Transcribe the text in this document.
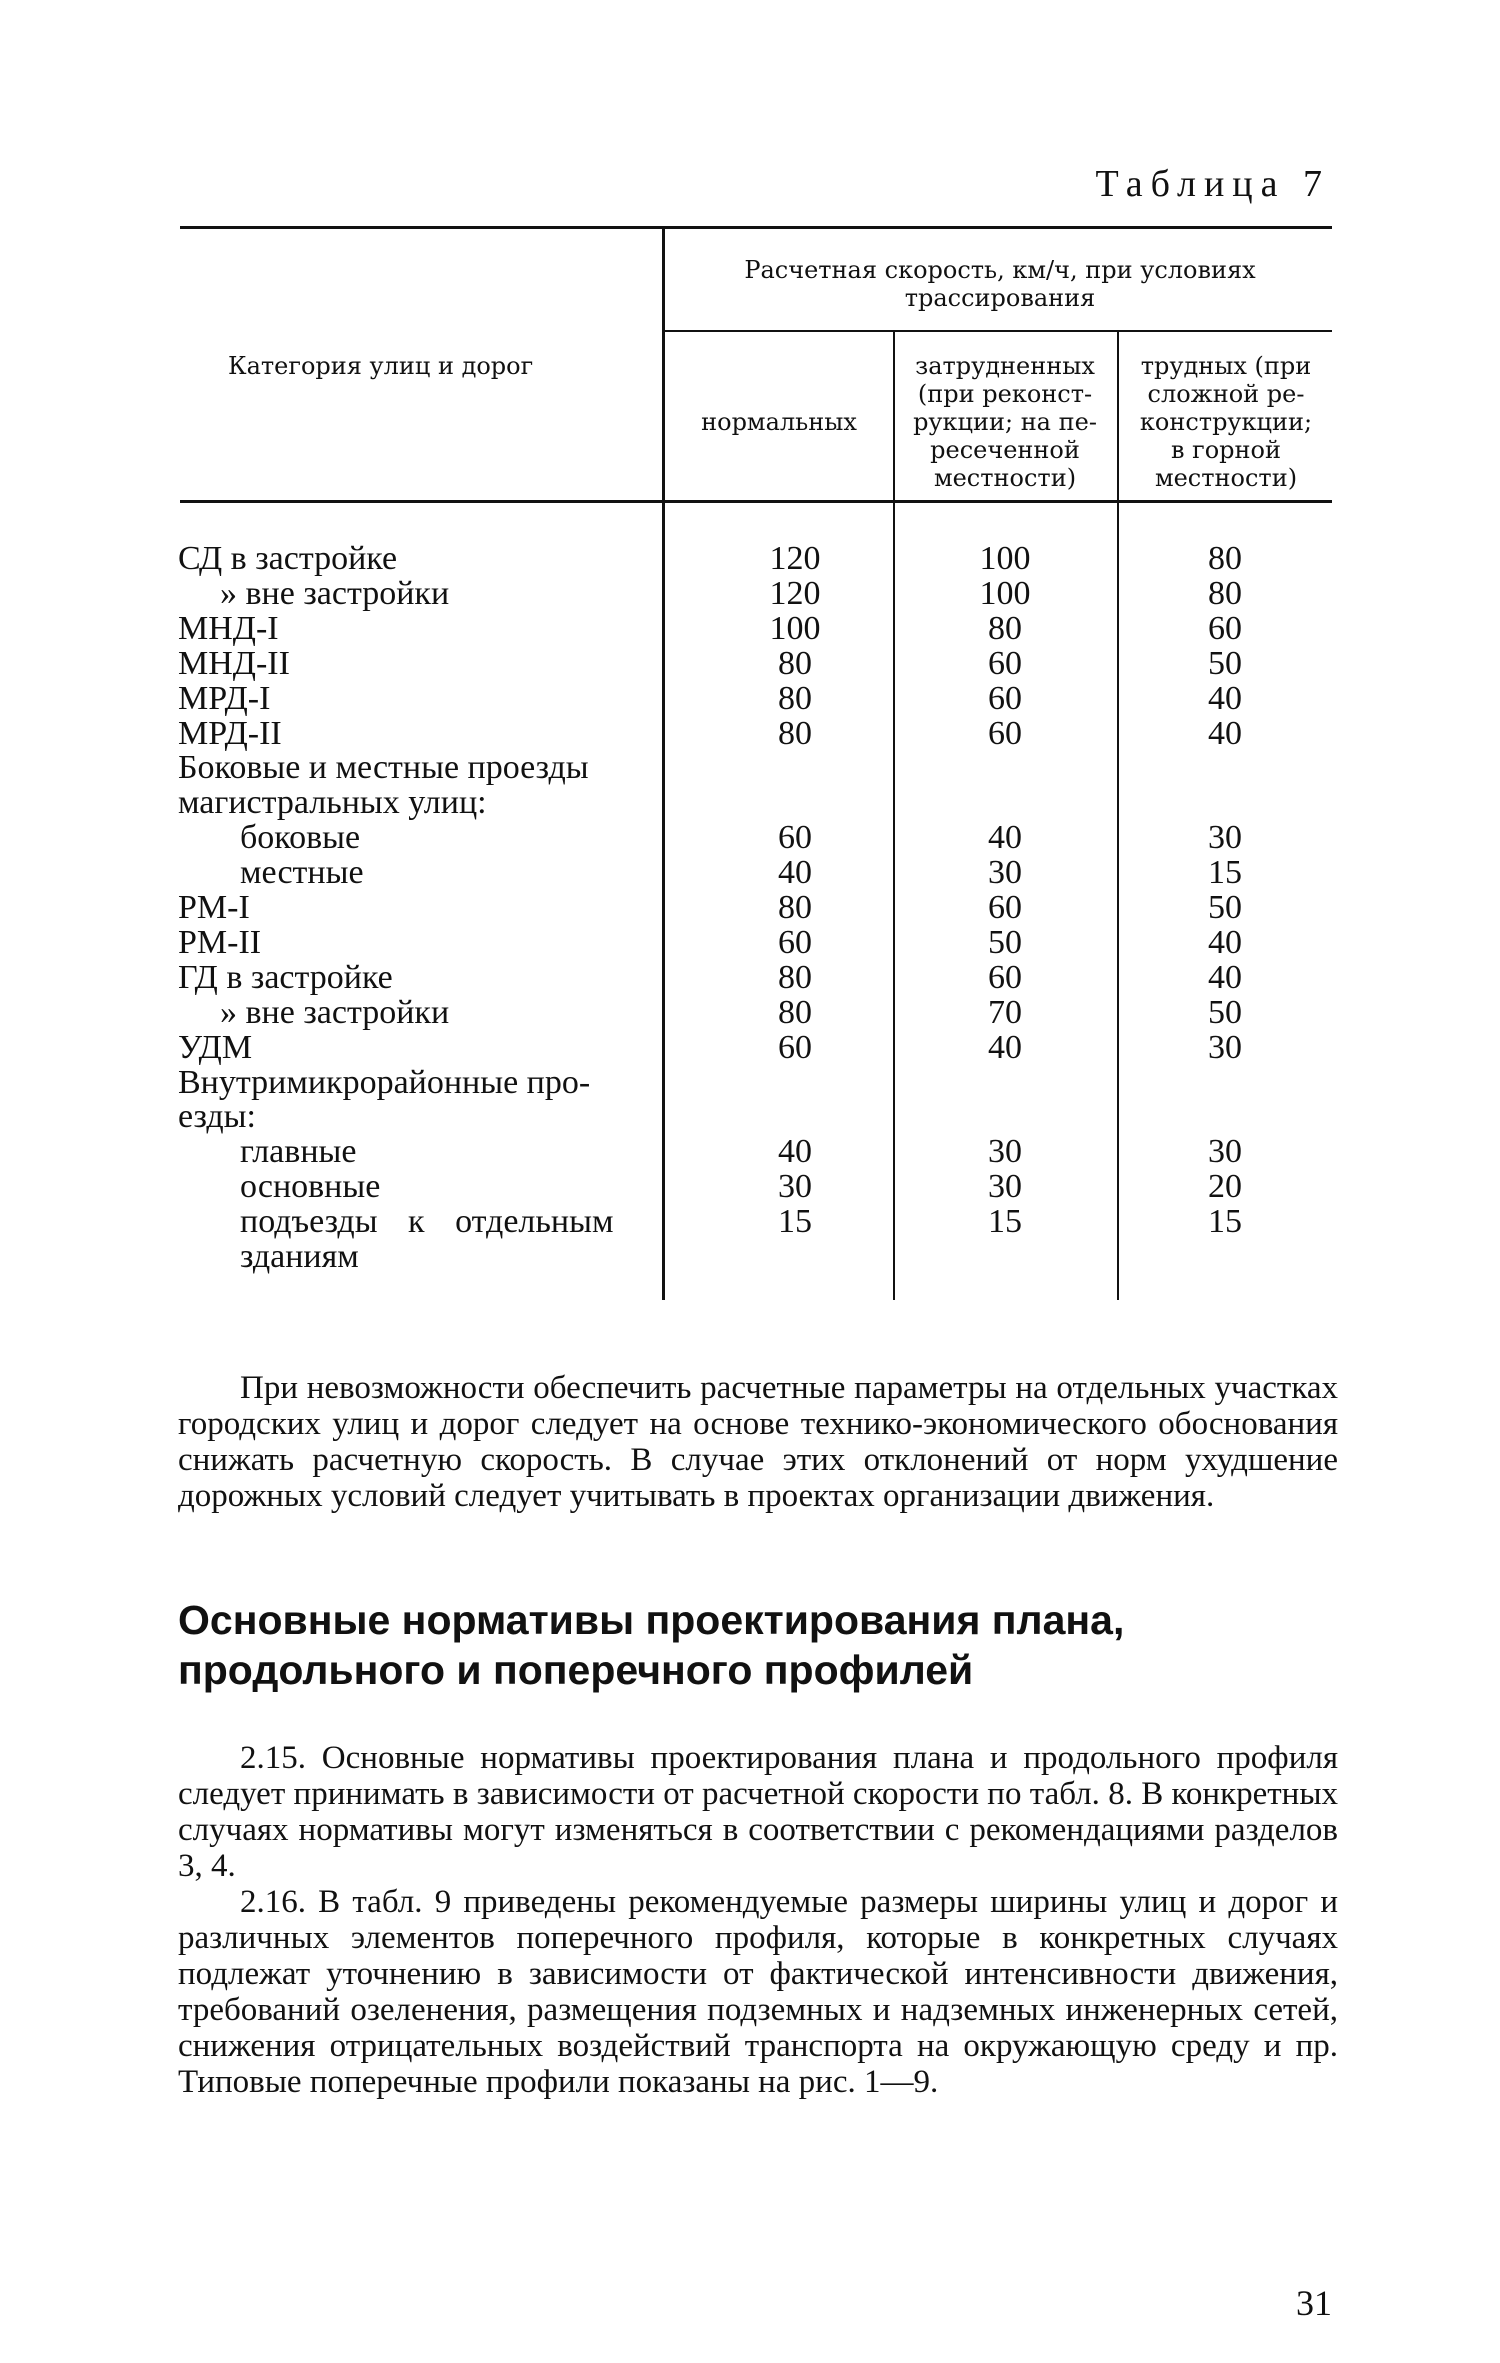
Таблица 7
Категория улиц и дорог
Расчетная скорость, км/ч, при условиях
трассирования
нормальных
затрудненных
(при реконст-
рукции; на пе-
ресеченной
местности)
трудных (при
сложной ре-
конструкции;
в горной
местности)
СД в застройке	120	100	80
» вне застройки	120	100	80
МНД-I	100	80	60
МНД-II	80	60	50
МРД-I	80	60	40
МРД-II	80	60	40
Боковые и местные проезды
магистральных улиц:
боковые	60	40	30
местные	40	30	15
РМ-I	80	60	50
РМ-II	60	50	40
ГД в застройке	80	60	40
» вне застройки	80	70	50
УДМ	60	40	30
Внутримикрорайонные про-
езды:
главные	40	30	30
основные	30	30	20
подъезды к отдельным	15	15	15
зданиям
При невозможности обеспечить расчетные параметры на отдельных участках городских улиц и дорог следует на основе технико-экономического обоснования снижать расчетную скорость. В случае этих отклонений от норм ухудшение дорожных условий следует учитывать в проектах организации движения.
Основные нормативы проектирования плана,
продольного и поперечного профилей
2.15. Основные нормативы проектирования плана и продольного профиля следует принимать в зависимости от расчетной скорости по табл. 8. В конкретных случаях нормативы могут изменяться в соответствии с рекомендациями разделов 3, 4.
2.16. В табл. 9 приведены рекомендуемые размеры ширины улиц и дорог и различных элементов поперечного профиля, которые в конкретных случаях подлежат уточнению в зависимости от фактической интенсивности движения, требований озеленения, размещения подземных и надземных инженерных сетей, снижения отрицательных воздействий транспорта на окружающую среду и пр. Типовые поперечные профили показаны на рис. 1—9.
31
